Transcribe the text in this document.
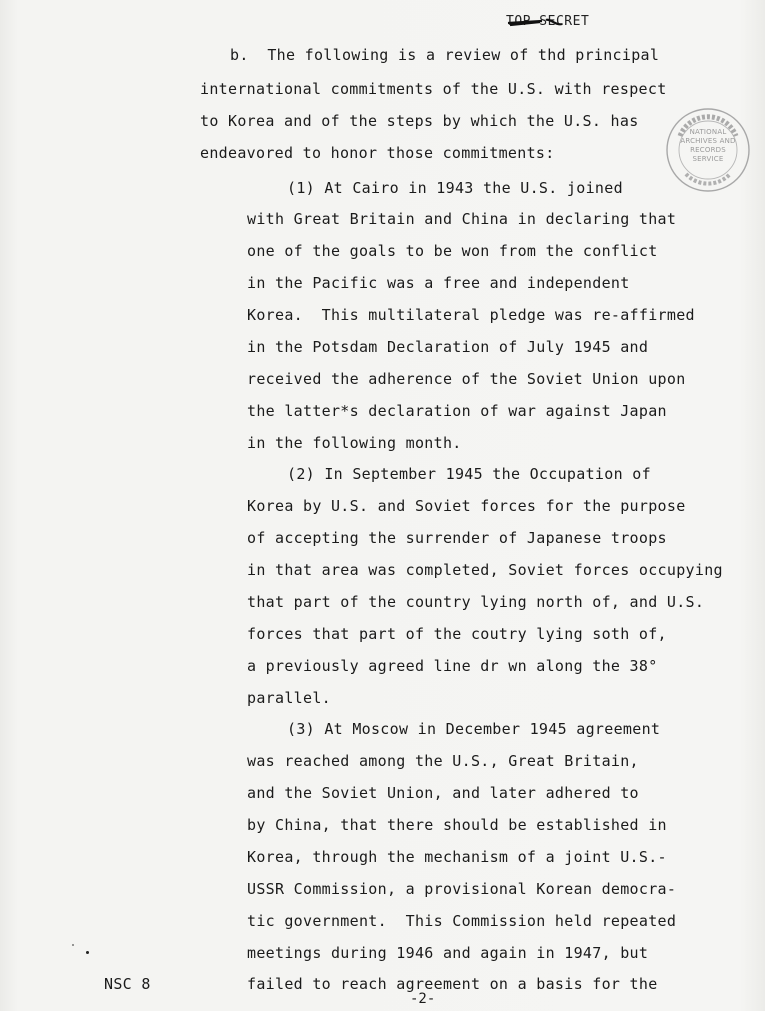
TOP SECRET
NATIONAL ARCHIVES AND RECORDS SERVICE
b.  The following is a review of thd principal
international commitments of the U.S. with respect
to Korea and of the steps by which the U.S. has
endeavored to honor those commitments:
(1) At Cairo in 1943 the U.S. joined
with Great Britain and China in declaring that
one of the goals to be won from the conflict
in the Pacific was a free and independent
Korea.  This multilateral pledge was re-affirmed
in the Potsdam Declaration of July 1945 and
received the adherence of the Soviet Union upon
the latter*s declaration of war against Japan
in the following month.
(2) In September 1945 the Occupation of
Korea by U.S. and Soviet forces for the purpose
of accepting the surrender of Japanese troops
in that area was completed, Soviet forces occupying
that part of the country lying north of, and U.S.
forces that part of the coutry lying soth of,
a previously agreed line dr wn along the 38°
parallel.
(3) At Moscow in December 1945 agreement
was reached among the U.S., Great Britain,
and the Soviet Union, and later adhered to
by China, that there should be established in
Korea, through the mechanism of a joint U.S.-
USSR Commission, a provisional Korean democra-
tic government.  This Commission held repeated
meetings during 1946 and again in 1947, but
failed to reach agreement on a basis for the
NSC 8
-2-
